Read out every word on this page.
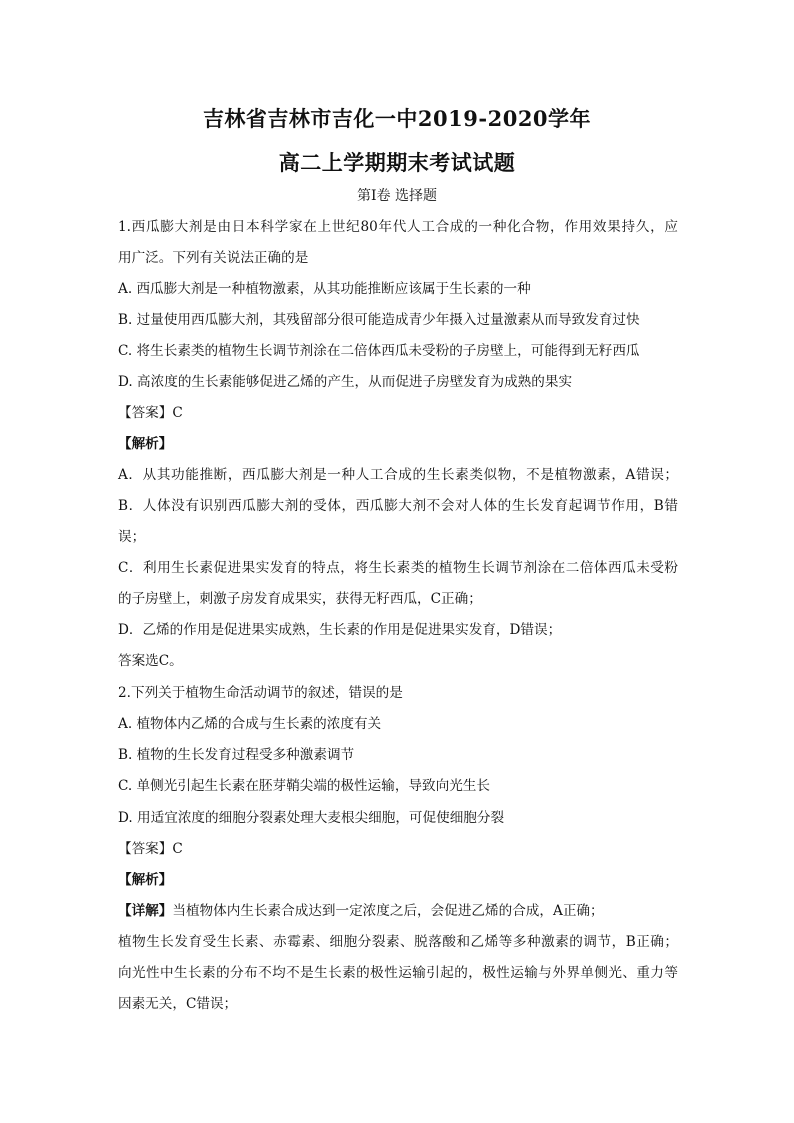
吉林省吉林市吉化一中2019-2020学年
高二上学期期末考试试题
第Ⅰ卷 选择题
1.西瓜膨大剂是由日本科学家在上世纪80年代人工合成的一种化合物，作用效果持久，应
用广泛。下列有关说法正确的是
A. 西瓜膨大剂是一种植物激素，从其功能推断应该属于生长素的一种
B. 过量使用西瓜膨大剂，其残留部分很可能造成青少年摄入过量激素从而导致发育过快
C. 将生长素类的植物生长调节剂涂在二倍体西瓜未受粉的子房壁上，可能得到无籽西瓜
D. 高浓度的生长素能够促进乙烯的产生，从而促进子房壁发育为成熟的果实
【答案】C
【解析】
A．从其功能推断，西瓜膨大剂是一种人工合成的生长素类似物，不是植物激素，A错误；
B．人体没有识别西瓜膨大剂的受体，西瓜膨大剂不会对人体的生长发育起调节作用，B错
误；
C．利用生长素促进果实发育的特点，将生长素类的植物生长调节剂涂在二倍体西瓜未受粉
的子房壁上，刺激子房发育成果实，获得无籽西瓜，C正确；
D．乙烯的作用是促进果实成熟，生长素的作用是促进果实发育，D错误；
答案选C。
2.下列关于植物生命活动调节的叙述，错误的是
A. 植物体内乙烯的合成与生长素的浓度有关
B. 植物的生长发育过程受多种激素调节
C. 单侧光引起生长素在胚芽鞘尖端的极性运输，导致向光生长
D. 用适宜浓度的细胞分裂素处理大麦根尖细胞，可促使细胞分裂
【答案】C
【解析】
【详解】当植物体内生长素合成达到一定浓度之后，会促进乙烯的合成，A正确；
植物生长发育受生长素、赤霉素、细胞分裂素、脱落酸和乙烯等多种激素的调节，B正确；
向光性中生长素的分布不均不是生长素的极性运输引起的，极性运输与外界单侧光、重力等
因素无关，C错误；
